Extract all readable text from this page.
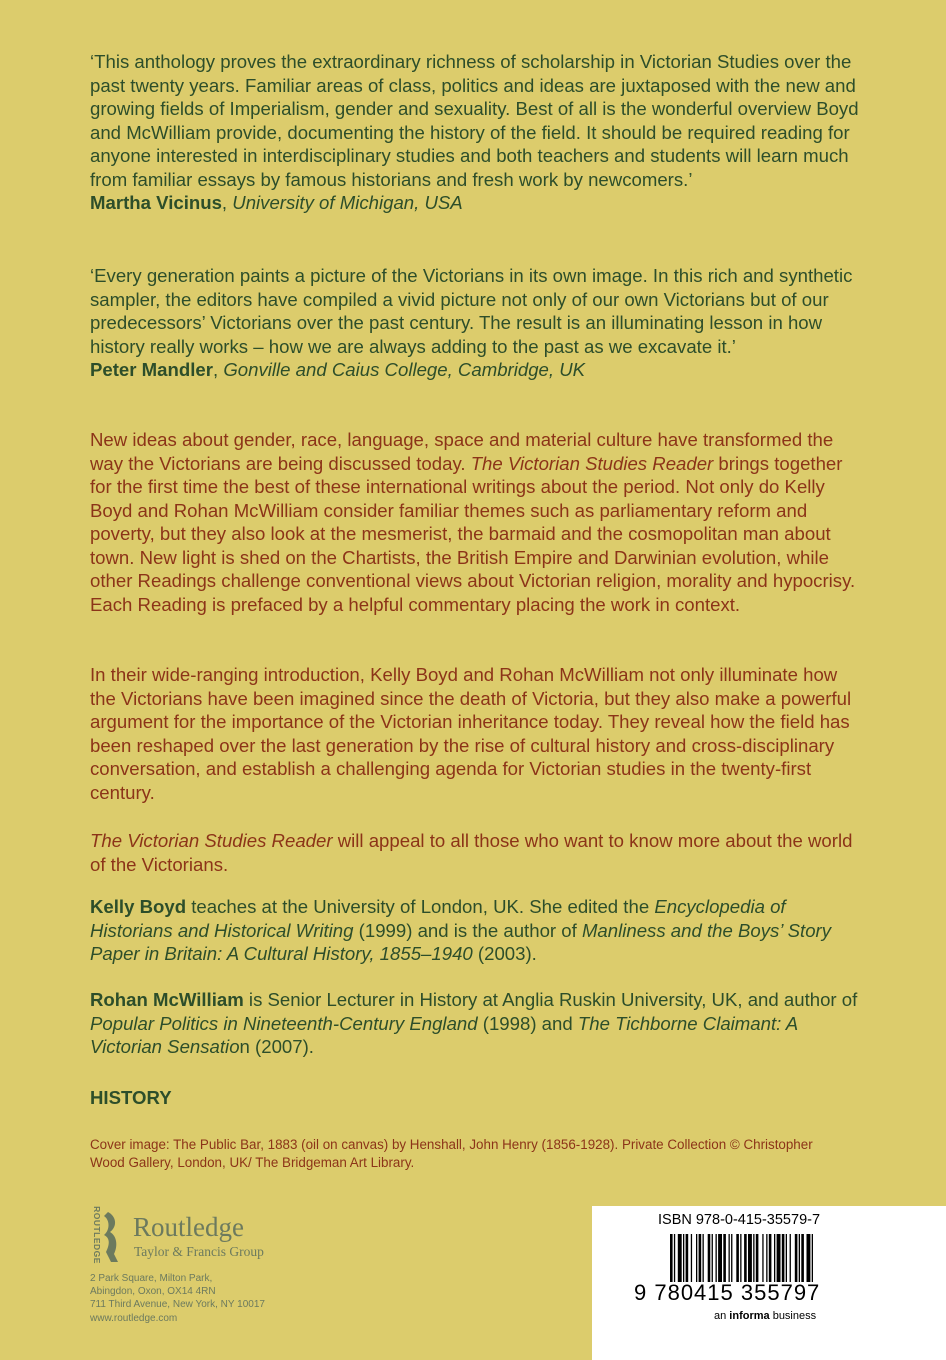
‘This anthology proves the extraordinary richness of scholarship in Victorian Studies over the past twenty years. Familiar areas of class, politics and ideas are juxtaposed with the new and growing fields of Imperialism, gender and sexuality. Best of all is the wonderful overview Boyd and McWilliam provide, documenting the history of the field. It should be required reading for anyone interested in interdisciplinary studies and both teachers and students will learn much from familiar essays by famous historians and fresh work by newcomers.’
Martha Vicinus, University of Michigan, USA
‘Every generation paints a picture of the Victorians in its own image. In this rich and synthetic sampler, the editors have compiled a vivid picture not only of our own Victorians but of our predecessors’ Victorians over the past century. The result is an illuminating lesson in how history really works – how we are always adding to the past as we excavate it.’
Peter Mandler, Gonville and Caius College, Cambridge, UK
New ideas about gender, race, language, space and material culture have transformed the way the Victorians are being discussed today. The Victorian Studies Reader brings together for the first time the best of these international writings about the period. Not only do Kelly Boyd and Rohan McWilliam consider familiar themes such as parliamentary reform and poverty, but they also look at the mesmerist, the barmaid and the cosmopolitan man about town. New light is shed on the Chartists, the British Empire and Darwinian evolution, while other Readings challenge conventional views about Victorian religion, morality and hypocrisy. Each Reading is prefaced by a helpful commentary placing the work in context.
In their wide-ranging introduction, Kelly Boyd and Rohan McWilliam not only illuminate how the Victorians have been imagined since the death of Victoria, but they also make a powerful argument for the importance of the Victorian inheritance today. They reveal how the field has been reshaped over the last generation by the rise of cultural history and cross-disciplinary conversation, and establish a challenging agenda for Victorian studies in the twenty-first century.
The Victorian Studies Reader will appeal to all those who want to know more about the world of the Victorians.
Kelly Boyd teaches at the University of London, UK. She edited the Encyclopedia of Historians and Historical Writing (1999) and is the author of Manliness and the Boys’ Story Paper in Britain: A Cultural History, 1855–1940 (2003).
Rohan McWilliam is Senior Lecturer in History at Anglia Ruskin University, UK, and author of Popular Politics in Nineteenth-Century England (1998) and The Tichborne Claimant: A Victorian Sensation (2007).
HISTORY
Cover image: The Public Bar, 1883 (oil on canvas) by Henshall, John Henry (1856-1928). Private Collection © Christopher Wood Gallery, London, UK/ The Bridgeman Art Library.
ROUTLEDGE Routledge
Taylor & Francis Group
2 Park Square, Milton Park,
Abingdon, Oxon, OX14 4RN
711 Third Avenue, New York, NY 10017
www.routledge.com
ISBN 978-0-415-35579-7
9 780415 355797
an informa business
